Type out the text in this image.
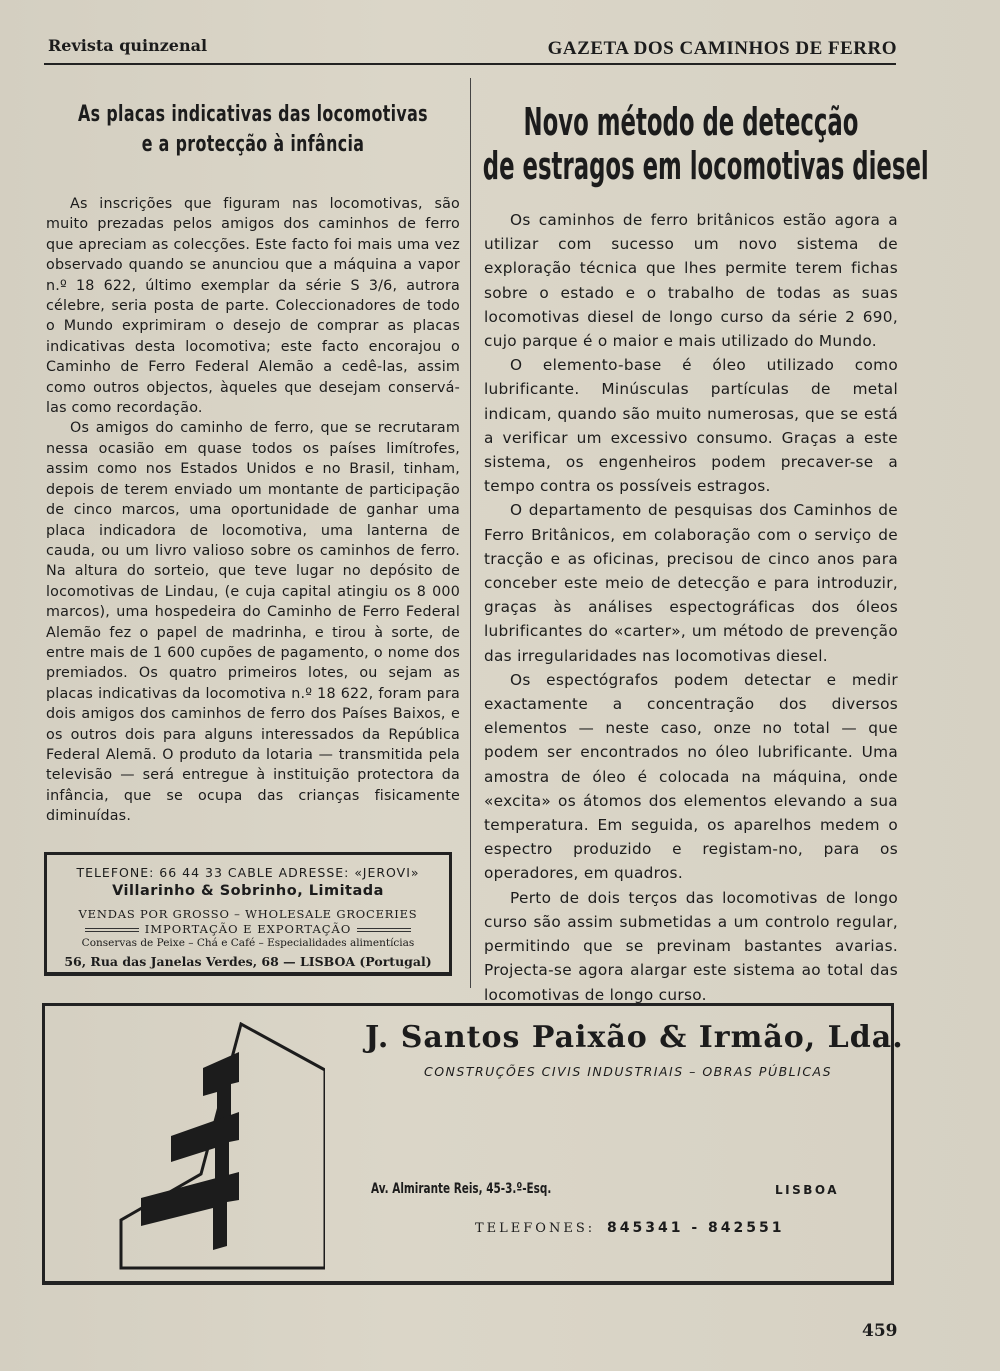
Revista quinzenal	GAZETA DOS CAMINHOS DE FERRO
As placas indicativas das locomotivas
e a protecção à infância

As inscrições que figuram nas locomotivas, são muito prezadas pelos amigos dos caminhos de ferro que apreciam as colecções. Este facto foi mais uma vez observado quando se anunciou que a máquina a vapor n.º 18 622, último exemplar da série S 3/6, autrora célebre, seria posta de parte. Coleccionadores de todo o Mundo exprimiram o desejo de comprar as placas indicativas desta locomotiva; este facto encorajou o Caminho de Ferro Federal Alemão a cedê-las, assim como outros objectos, àqueles que desejam conservá-las como recordação.

Os amigos do caminho de ferro, que se recrutaram nessa ocasião em quase todos os países limítrofes, assim como nos Estados Unidos e no Brasil, tinham, depois de terem enviado um montante de participação de cinco marcos, uma oportunidade de ganhar uma placa indicadora de locomotiva, uma lanterna de cauda, ou um livro valioso sobre os caminhos de ferro. Na altura do sorteio, que teve lugar no depósito de locomotivas de Lindau, (e cuja capital atingiu os 8 000 marcos), uma hospedeira do Caminho de Ferro Federal Alemão fez o papel de madrinha, e tirou à sorte, de entre mais de 1 600 cupões de pagamento, o nome dos premiados. Os quatro primeiros lotes, ou sejam as placas indicativas da locomotiva n.º 18 622, foram para dois amigos dos caminhos de ferro dos Países Baixos, e os outros dois para alguns interessados da República Federal Alemã. O produto da lotaria — transmitida pela televisão — será entregue à instituição protectora da infância, que se ocupa das crianças fisicamente diminuídas.

Novo método de detecção
de estragos em locomotivas diesel

Os caminhos de ferro britânicos estão agora a utilizar com sucesso um novo sistema de exploração técnica que lhes permite terem fichas sobre o estado e o trabalho de todas as suas locomotivas diesel de longo curso da série 2 690, cujo parque é o maior e mais utilizado do Mundo.

O elemento-base é óleo utilizado como lubrificante. Minúsculas partículas de metal indicam, quando são muito numerosas, que se está a verificar um excessivo consumo. Graças a este sistema, os engenheiros podem precaver-se a tempo contra os possíveis estragos.

O departamento de pesquisas dos Caminhos de Ferro Britânicos, em colaboração com o serviço de tracção e as oficinas, precisou de cinco anos para conceber este meio de detecção e para introduzir, graças às análises espectográficas dos óleos lubrificantes do «carter», um método de prevenção das irregularidades nas locomotivas diesel.

Os espectógrafos podem detectar e medir exactamente a concentração dos diversos elementos — neste caso, onze no total — que podem ser encontrados no óleo lubrificante. Uma amostra de óleo é colocada na máquina, onde «excita» os átomos dos elementos elevando a sua temperatura. Em seguida, os aparelhos medem o espectro produzido e registam-no, para os operadores, em quadros.

Perto de dois terços das locomotivas de longo curso são assim submetidas a um controlo regular, permitindo que se previnam bastantes avarias. Projecta-se agora alargar este sistema ao total das locomotivas de longo curso.

TELEFONE: 66 44 33 CABLE ADRESSE: «JEROVI»
Villarinho & Sobrinho, Limitada
VENDAS POR GROSSO – WHOLESALE GROCERIES
IMPORTAÇÃO E EXPORTAÇÃO
Conservas de Peixe – Chá e Café – Especialidades alimentícias
56, Rua das Janelas Verdes, 68 — LISBOA (Portugal)
J. Santos Paixão & Irmão, Lda.
CONSTRUÇÕES CIVIS INDUSTRIAIS – OBRAS PÚBLICAS
Av. Almirante Reis, 45-3.º-Esq.	LISBOA
TELEFONES: 845341 - 842551
459
